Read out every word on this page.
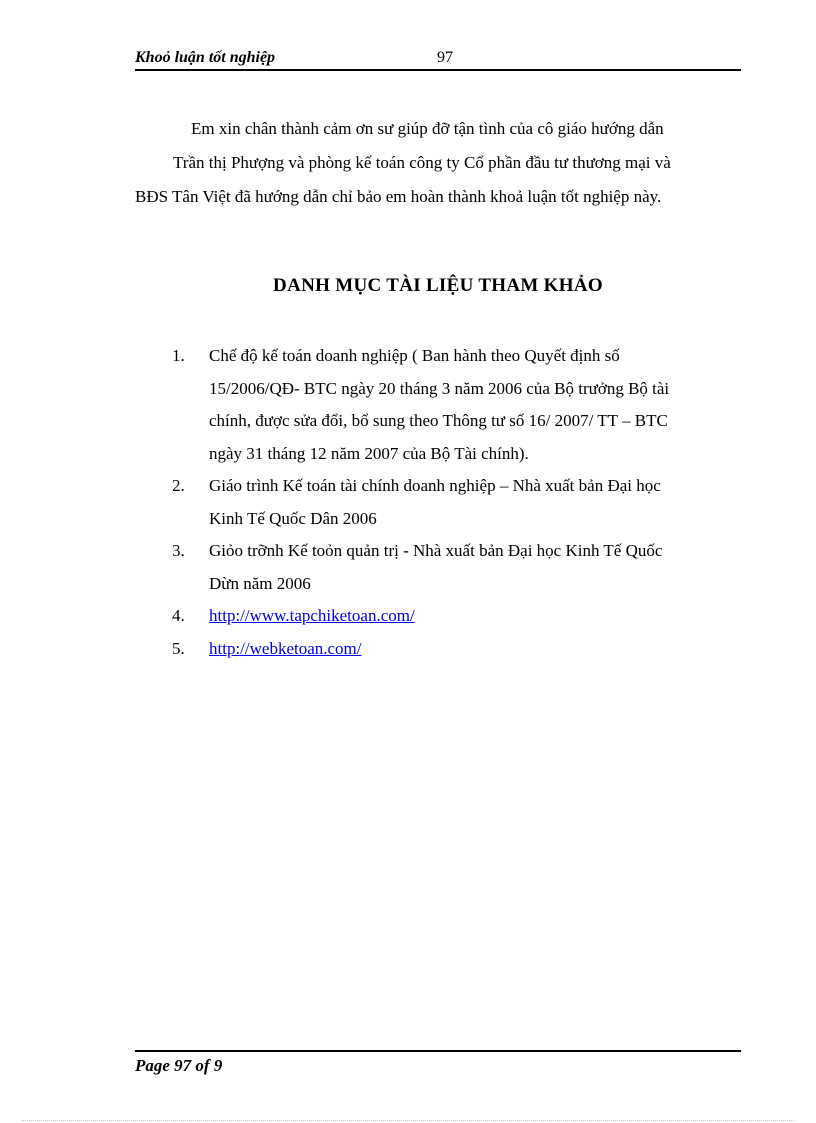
Khoỏ luận tốt nghiệp	97
Em xin chân thành cảm ơn sư giúp đỡ tận tình của cô giáo hướng dẫn
Trần thị Phượng và phòng kế toán công ty Cổ phần đầu tư thương mại và
BĐS Tân Việt đã hướng dẫn chỉ bảo em hoàn thành khoả luận tốt nghiệp này.
DANH MỤC TÀI LIỆU THAM KHẢO
1. Chế độ kế toán doanh nghiệp ( Ban hành theo Quyết định số
15/2006/QĐ- BTC ngày 20 tháng 3 năm 2006 của Bộ trưởng Bộ tài
chính, được sửa đổi, bổ sung theo Thông tư số 16/ 2007/ TT – BTC
ngày 31 tháng 12 năm 2007 của Bộ Tài chính).
2. Giáo trình Kế toán tài chính doanh nghiệp – Nhà xuất bản Đại học
Kinh Tế Quốc Dân 2006
3. Giỏo trỡnh Kế toỏn quản trị - Nhà xuất bản Đại học Kinh Tế Quốc
Dừn năm 2006
4. http://www.tapchiketoan.com/
5. http://webketoan.com/
Page 97 of 9
